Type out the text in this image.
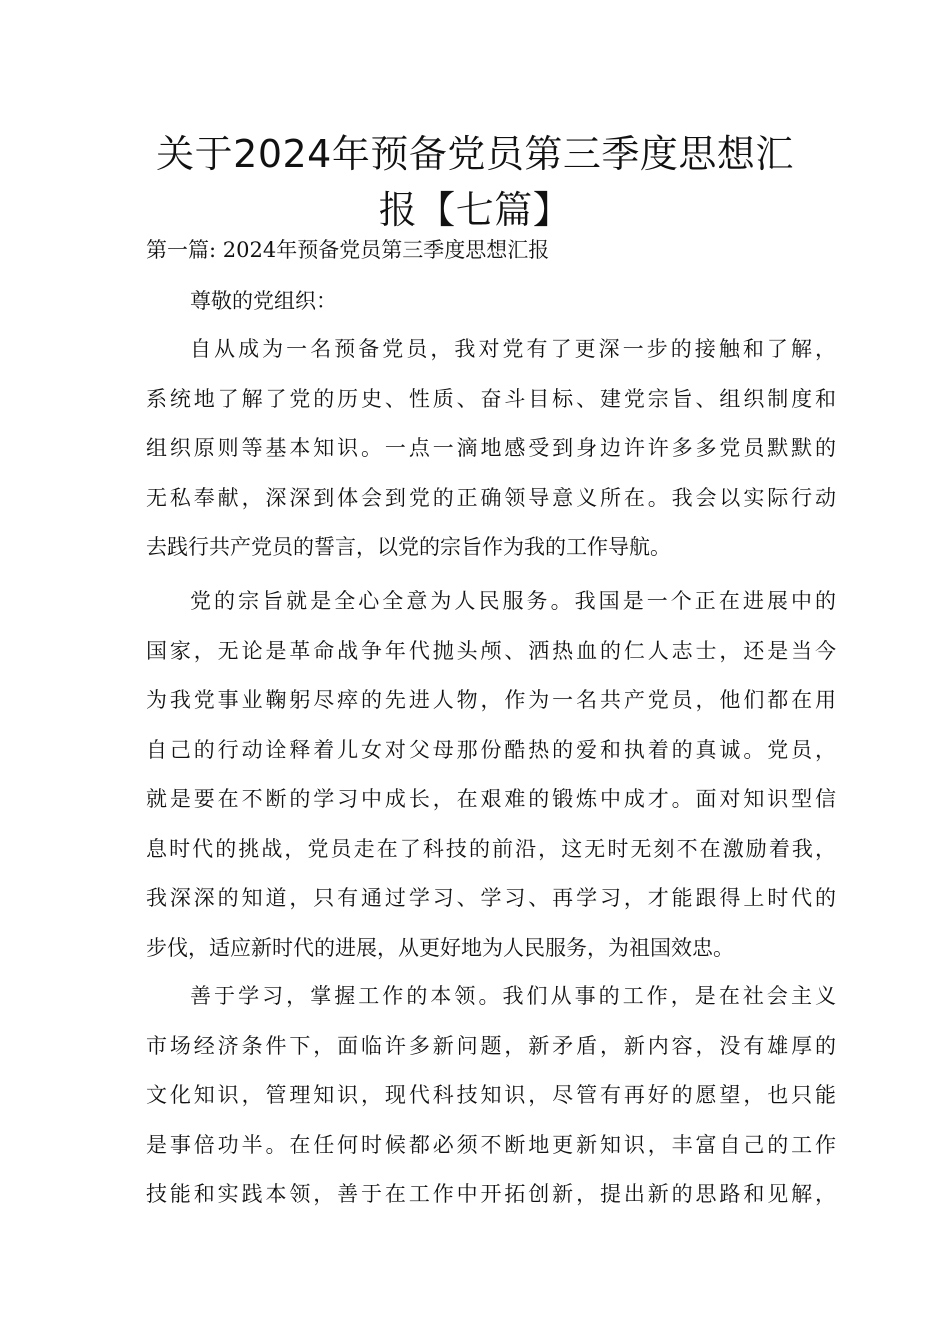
关于2024年预备党员第三季度思想汇
报【七篇】
第一篇: 2024年预备党员第三季度思想汇报

尊敬的党组织：

自从成为一名预备党员，我对党有了更深一步的接触和了解，
系统地了解了党的历史、性质、奋斗目标、建党宗旨、组织制度和
组织原则等基本知识。一点一滴地感受到身边许许多多党员默默的
无私奉献，深深到体会到党的正确领导意义所在。我会以实际行动
去践行共产党员的誓言，以党的宗旨作为我的工作导航。
党的宗旨就是全心全意为人民服务。我国是一个正在进展中的
国家，无论是革命战争年代抛头颅、洒热血的仁人志士，还是当今
为我党事业鞠躬尽瘁的先进人物，作为一名共产党员，他们都在用
自己的行动诠释着儿女对父母那份酷热的爱和执着的真诚。党员，
就是要在不断的学习中成长，在艰难的锻炼中成才。面对知识型信
息时代的挑战，党员走在了科技的前沿，这无时无刻不在激励着我，
我深深的知道，只有通过学习、学习、再学习，才能跟得上时代的
步伐，适应新时代的进展，从更好地为人民服务，为祖国效忠。
善于学习，掌握工作的本领。我们从事的工作，是在社会主义
市场经济条件下，面临许多新问题，新矛盾，新内容，没有雄厚的
文化知识，管理知识，现代科技知识，尽管有再好的愿望，也只能
是事倍功半。在任何时候都必须不断地更新知识，丰富自己的工作
技能和实践本领，善于在工作中开拓创新，提出新的思路和见解，
